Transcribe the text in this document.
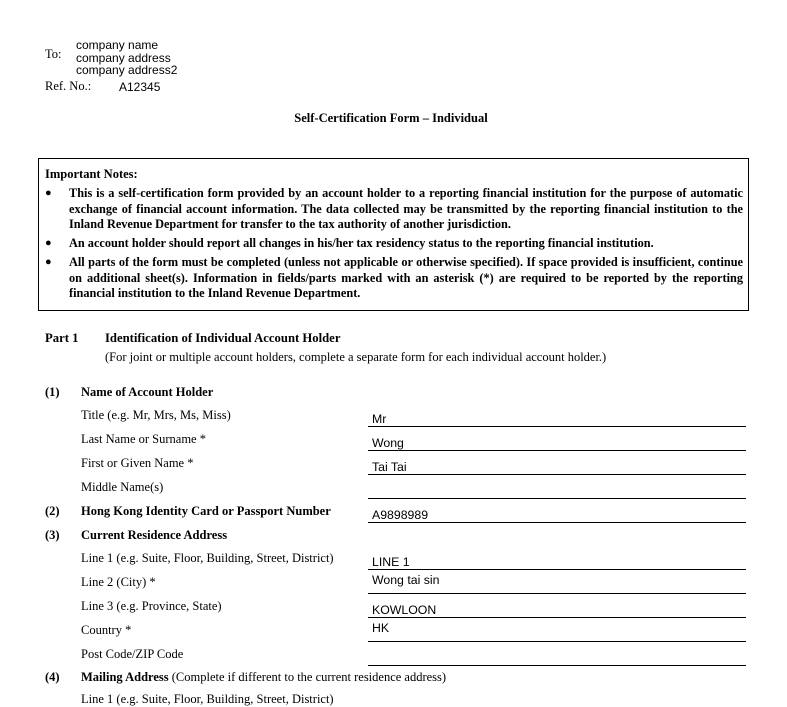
To:
company name
company address
company address2
Ref. No.: A12345
Self-Certification Form – Individual
Important Notes:
● This is a self-certification form provided by an account holder to a reporting financial institution for the purpose of automatic exchange of financial account information. The data collected may be transmitted by the reporting financial institution to the Inland Revenue Department for transfer to the tax authority of another jurisdiction.
● An account holder should report all changes in his/her tax residency status to the reporting financial institution.
● All parts of the form must be completed (unless not applicable or otherwise specified). If space provided is insufficient, continue on additional sheet(s). Information in fields/parts marked with an asterisk (*) are required to be reported by the reporting financial institution to the Inland Revenue Department.
Part 1 Identification of Individual Account Holder
(For joint or multiple account holders, complete a separate form for each individual account holder.)
(1) Name of Account Holder
Title (e.g. Mr, Mrs, Ms, Miss)	Mr
Last Name or Surname *	Wong
First or Given Name *	Tai Tai
Middle Name(s)
(2) Hong Kong Identity Card or Passport Number	A9898989
(3) Current Residence Address
Line 1 (e.g. Suite, Floor, Building, Street, District)	LINE 1
Line 2 (City) *	Wong tai sin
Line 3 (e.g. Province, State)	KOWLOON
Country *	HK
Post Code/ZIP Code
(4) Mailing Address (Complete if different to the current residence address)
Line 1 (e.g. Suite, Floor, Building, Street, District)
